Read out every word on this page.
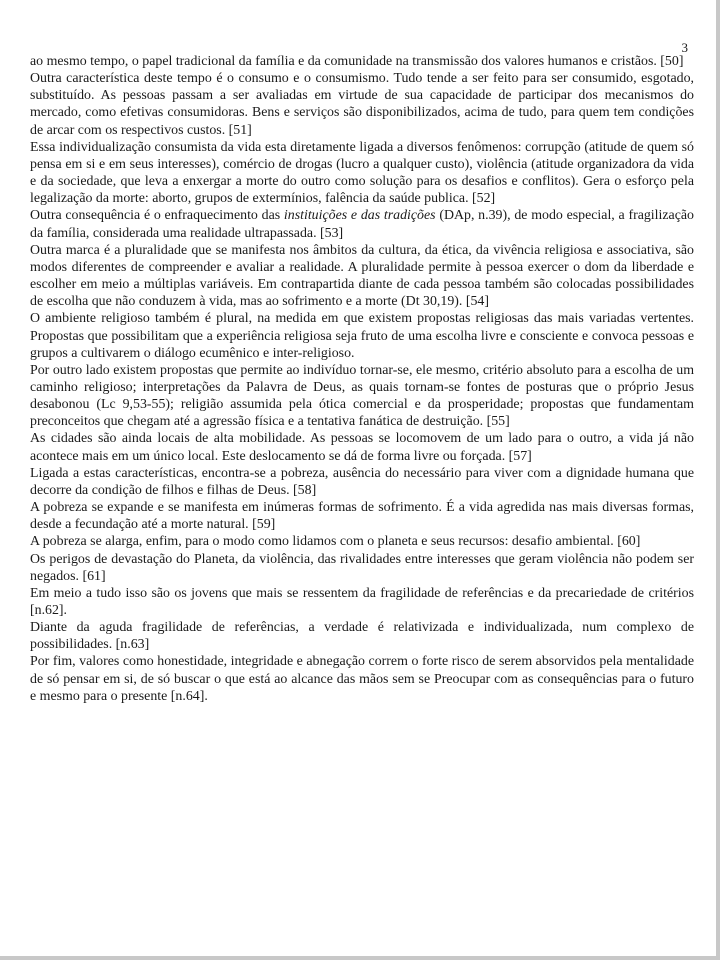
3

ao mesmo tempo, o papel tradicional da família e da comunidade na transmissão dos valores humanos e cristãos. [50]

Outra característica deste tempo é o consumo e o consumismo. Tudo tende a ser feito para ser consumido, esgotado, substituído. As pessoas passam a ser avaliadas em virtude de sua capacidade de participar dos mecanismos do mercado, como efetivas consumidoras. Bens e serviços são disponibilizados, acima de tudo, para quem tem condições de arcar com os respectivos custos. [51]

Essa individualização consumista da vida esta diretamente ligada a diversos fenômenos: corrupção (atitude de quem só pensa em si e em seus interesses), comércio de drogas (lucro a qualquer custo), violência (atitude organizadora da vida e da sociedade, que leva a enxergar a morte do outro como solução para os desafios e conflitos). Gera o esforço pela legalização da morte: aborto, grupos de extermínios, falência da saúde publica. [52]

Outra consequência é o enfraquecimento das instituições e das tradições (DAp, n.39), de modo especial, a fragilização da família, considerada uma realidade ultrapassada. [53]

Outra marca é a pluralidade que se manifesta nos âmbitos da cultura, da ética, da vivência religiosa e associativa, são modos diferentes de compreender e avaliar a realidade. A pluralidade permite à pessoa exercer o dom da liberdade e escolher em meio a múltiplas variáveis. Em contrapartida diante de cada pessoa também são colocadas possibilidades de escolha que não conduzem à vida, mas ao sofrimento e a morte (Dt 30,19). [54]

O ambiente religioso também é plural, na medida em que existem propostas religiosas das mais variadas vertentes. Propostas que possibilitam que a experiência religiosa seja fruto de uma escolha livre e consciente e convoca pessoas e grupos a cultivarem o diálogo ecumênico e inter-religioso.

Por outro lado existem propostas que permite ao indivíduo tornar-se, ele mesmo, critério absoluto para a escolha de um caminho religioso; interpretações da Palavra de Deus, as quais tornam-se fontes de posturas que o próprio Jesus desabonou (Lc 9,53-55); religião assumida pela ótica comercial e da prosperidade; propostas que fundamentam preconceitos que chegam até a agressão física e a tentativa fanática de destruição. [55]

As cidades são ainda locais de alta mobilidade. As pessoas se locomovem de um lado para o outro, a vida já não acontece mais em um único local. Este deslocamento se dá de forma livre ou forçada. [57]

Ligada a estas características, encontra-se a pobreza, ausência do necessário para viver com a dignidade humana que decorre da condição de filhos e filhas de Deus. [58]

A pobreza se expande e se manifesta em inúmeras formas de sofrimento. É a vida agredida nas mais diversas formas, desde a fecundação até a morte natural. [59]

A pobreza se alarga, enfim, para o modo como lidamos com o planeta e seus recursos: desafio ambiental. [60]

Os perigos de devastação do Planeta, da violência, das rivalidades entre interesses que geram violência não podem ser negados. [61]

Em meio a tudo isso são os jovens que mais se ressentem da fragilidade de referências e da precariedade de critérios [n.62].

Diante da aguda fragilidade de referências, a verdade é relativizada e individualizada, num complexo de possibilidades. [n.63]

Por fim, valores como honestidade, integridade e abnegação correm o forte risco de serem absorvidos pela mentalidade de só pensar em si, de só buscar o que está ao alcance das mãos sem se Preocupar com as consequências para o futuro e mesmo para o presente [n.64].
